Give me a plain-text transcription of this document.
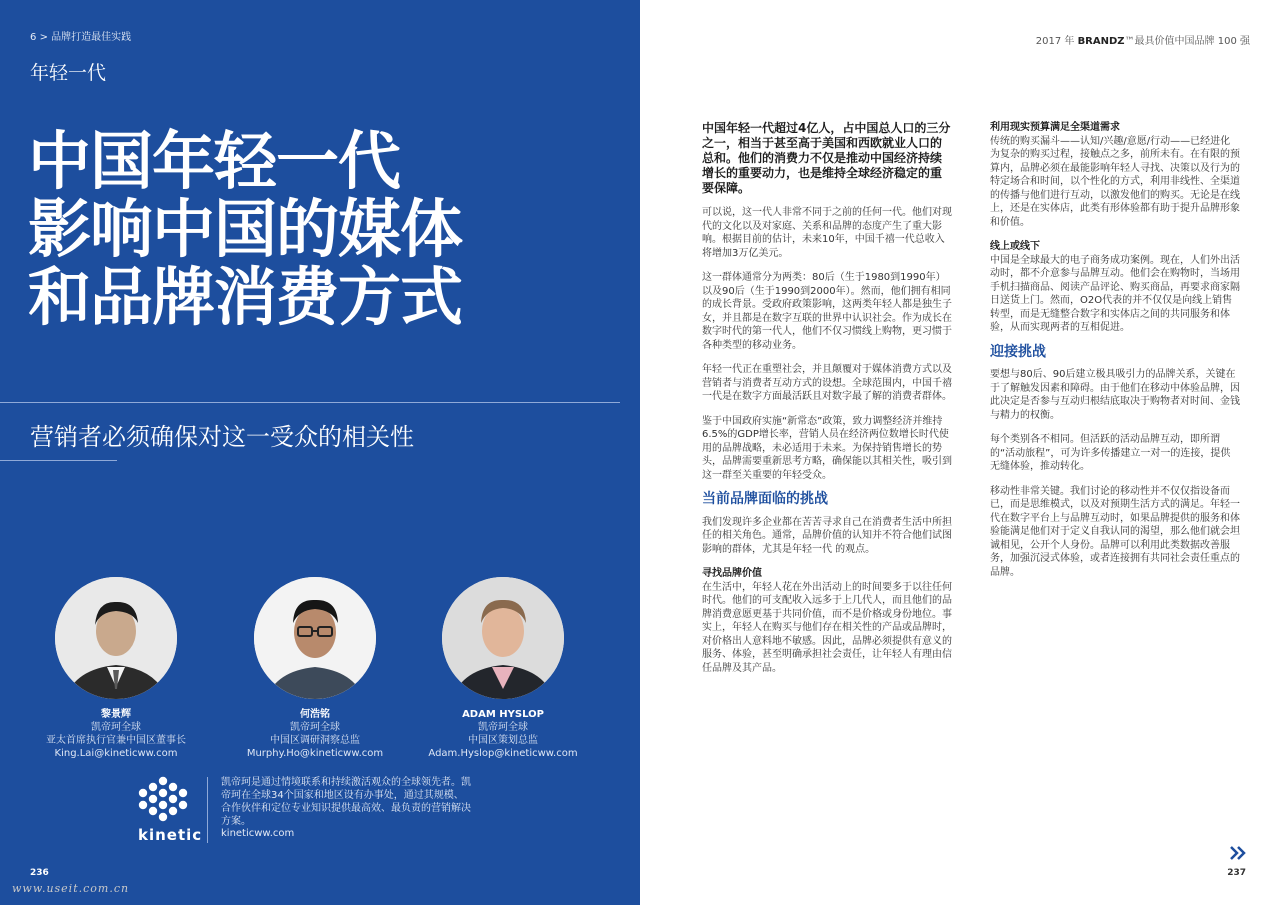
6 > 品牌打造最佳实践
年轻一代
中国年轻一代
影响中国的媒体
和品牌消费方式
营销者必须确保对这一受众的相关性
黎景辉
凯帝珂全球
亚太首席执行官兼中国区董事长
King.Lai@kineticww.com
何浩铭
凯帝珂全球
中国区调研洞察总监
Murphy.Ho@kineticww.com
ADAM HYSLOP
凯帝珂全球
中国区策划总监
Adam.Hyslop@kineticww.com
kinetic
凯帝珂是通过情境联系和持续激活观众的全球领先者。凯帝珂在全球34个国家和地区设有办事处，通过其规模、合作伙伴和定位专业知识提供最高效、最负责的营销解决方案。
kineticww.com
236
www.useit.com.cn
2017 年 BRANDZ™最具价值中国品牌 100 强

中国年轻一代超过4亿人，占中国总人口的三分之一，相当于甚至高于美国和西欧就业人口的总和。他们的消费力不仅是推动中国经济持续增长的重要动力，也是维持全球经济稳定的重要保障。

可以说，这一代人非常不同于之前的任何一代。他们对现代的文化以及对家庭、关系和品牌的态度产生了重大影响。根据目前的估计，未来10年，中国千禧一代总收入将增加3万亿美元。

这一群体通常分为两类：80后（生于1980到1990年）以及90后（生于1990到2000年）。然而，他们拥有相同的成长背景。受政府政策影响，这两类年轻人都是独生子女，并且都是在数字互联的世界中认识社会。作为成长在数字时代的第一代人，他们不仅习惯线上购物，更习惯于各种类型的移动业务。

年轻一代正在重塑社会，并且颠覆对于媒体消费方式以及营销者与消费者互动方式的设想。全球范围内，中国千禧一代是在数字方面最活跃且对数字最了解的消费者群体。

鉴于中国政府实施“新常态”政策，致力调整经济并维持6.5%的GDP增长率，营销人员在经济两位数增长时代使用的品牌战略，未必适用于未来。为保持销售增长的势头，品牌需要重新思考方略，确保能以其相关性，吸引到这一群至关重要的年轻受众。

当前品牌面临的挑战

我们发现许多企业都在苦苦寻求自己在消费者生活中所担任的相关角色。通常，品牌价值的认知并不符合他们试图影响的群体，尤其是年轻一代 的观点。

寻找品牌价值

在生活中，年轻人花在外出活动上的时间要多于以往任何时代。他们的可支配收入远多于上几代人，而且他们的品牌消费意愿更基于共同价值，而不是价格或身份地位。事实上，年轻人在购买与他们存在相关性的产品或品牌时，对价格出人意料地不敏感。因此，品牌必须提供有意义的服务、体验，甚至明确承担社会责任，让年轻人有理由信任品牌及其产品。

利用现实预算满足全渠道需求

传统的购买漏斗——认知/兴趣/意愿/行动——已经进化为复杂的购买过程，接触点之多，前所未有。在有限的预算内，品牌必须在最能影响年轻人寻找、决策以及行为的特定场合和时间，以个性化的方式，利用非线性、全渠道的传播与他们进行互动，以激发他们的购买。无论是在线上，还是在实体店，此类有形体验都有助于提升品牌形象和价值。

线上或线下

中国是全球最大的电子商务成功案例。现在，人们外出活动时，都不介意参与品牌互动。他们会在购物时，当场用手机扫描商品、阅读产品评论、购买商品，再要求商家隔日送货上门。然而，O2O代表的并不仅仅是向线上销售转型，而是无缝整合数字和实体店之间的共同服务和体验，从而实现两者的互相促进。

迎接挑战

要想与80后、90后建立极具吸引力的品牌关系，关键在于了解触发因素和障碍。由于他们在移动中体验品牌，因此决定是否参与互动归根结底取决于购物者对时间、金钱与精力的权衡。

每个类别各不相同。但活跃的活动品牌互动，即所谓的“活动旅程”，可为许多传播建立一对一的连接，提供无缝体验，推动转化。

移动性非常关键。我们讨论的移动性并不仅仅指设备而已，而是思维模式，以及对预期生活方式的满足。年轻一代在数字平台上与品牌互动时，如果品牌提供的服务和体验能满足他们对于定义自我认同的渴望，那么他们就会坦诚相见，公开个人身份。品牌可以利用此类数据改善服务，加强沉浸式体验，或者连接拥有共同社会责任重点的品牌。

237
